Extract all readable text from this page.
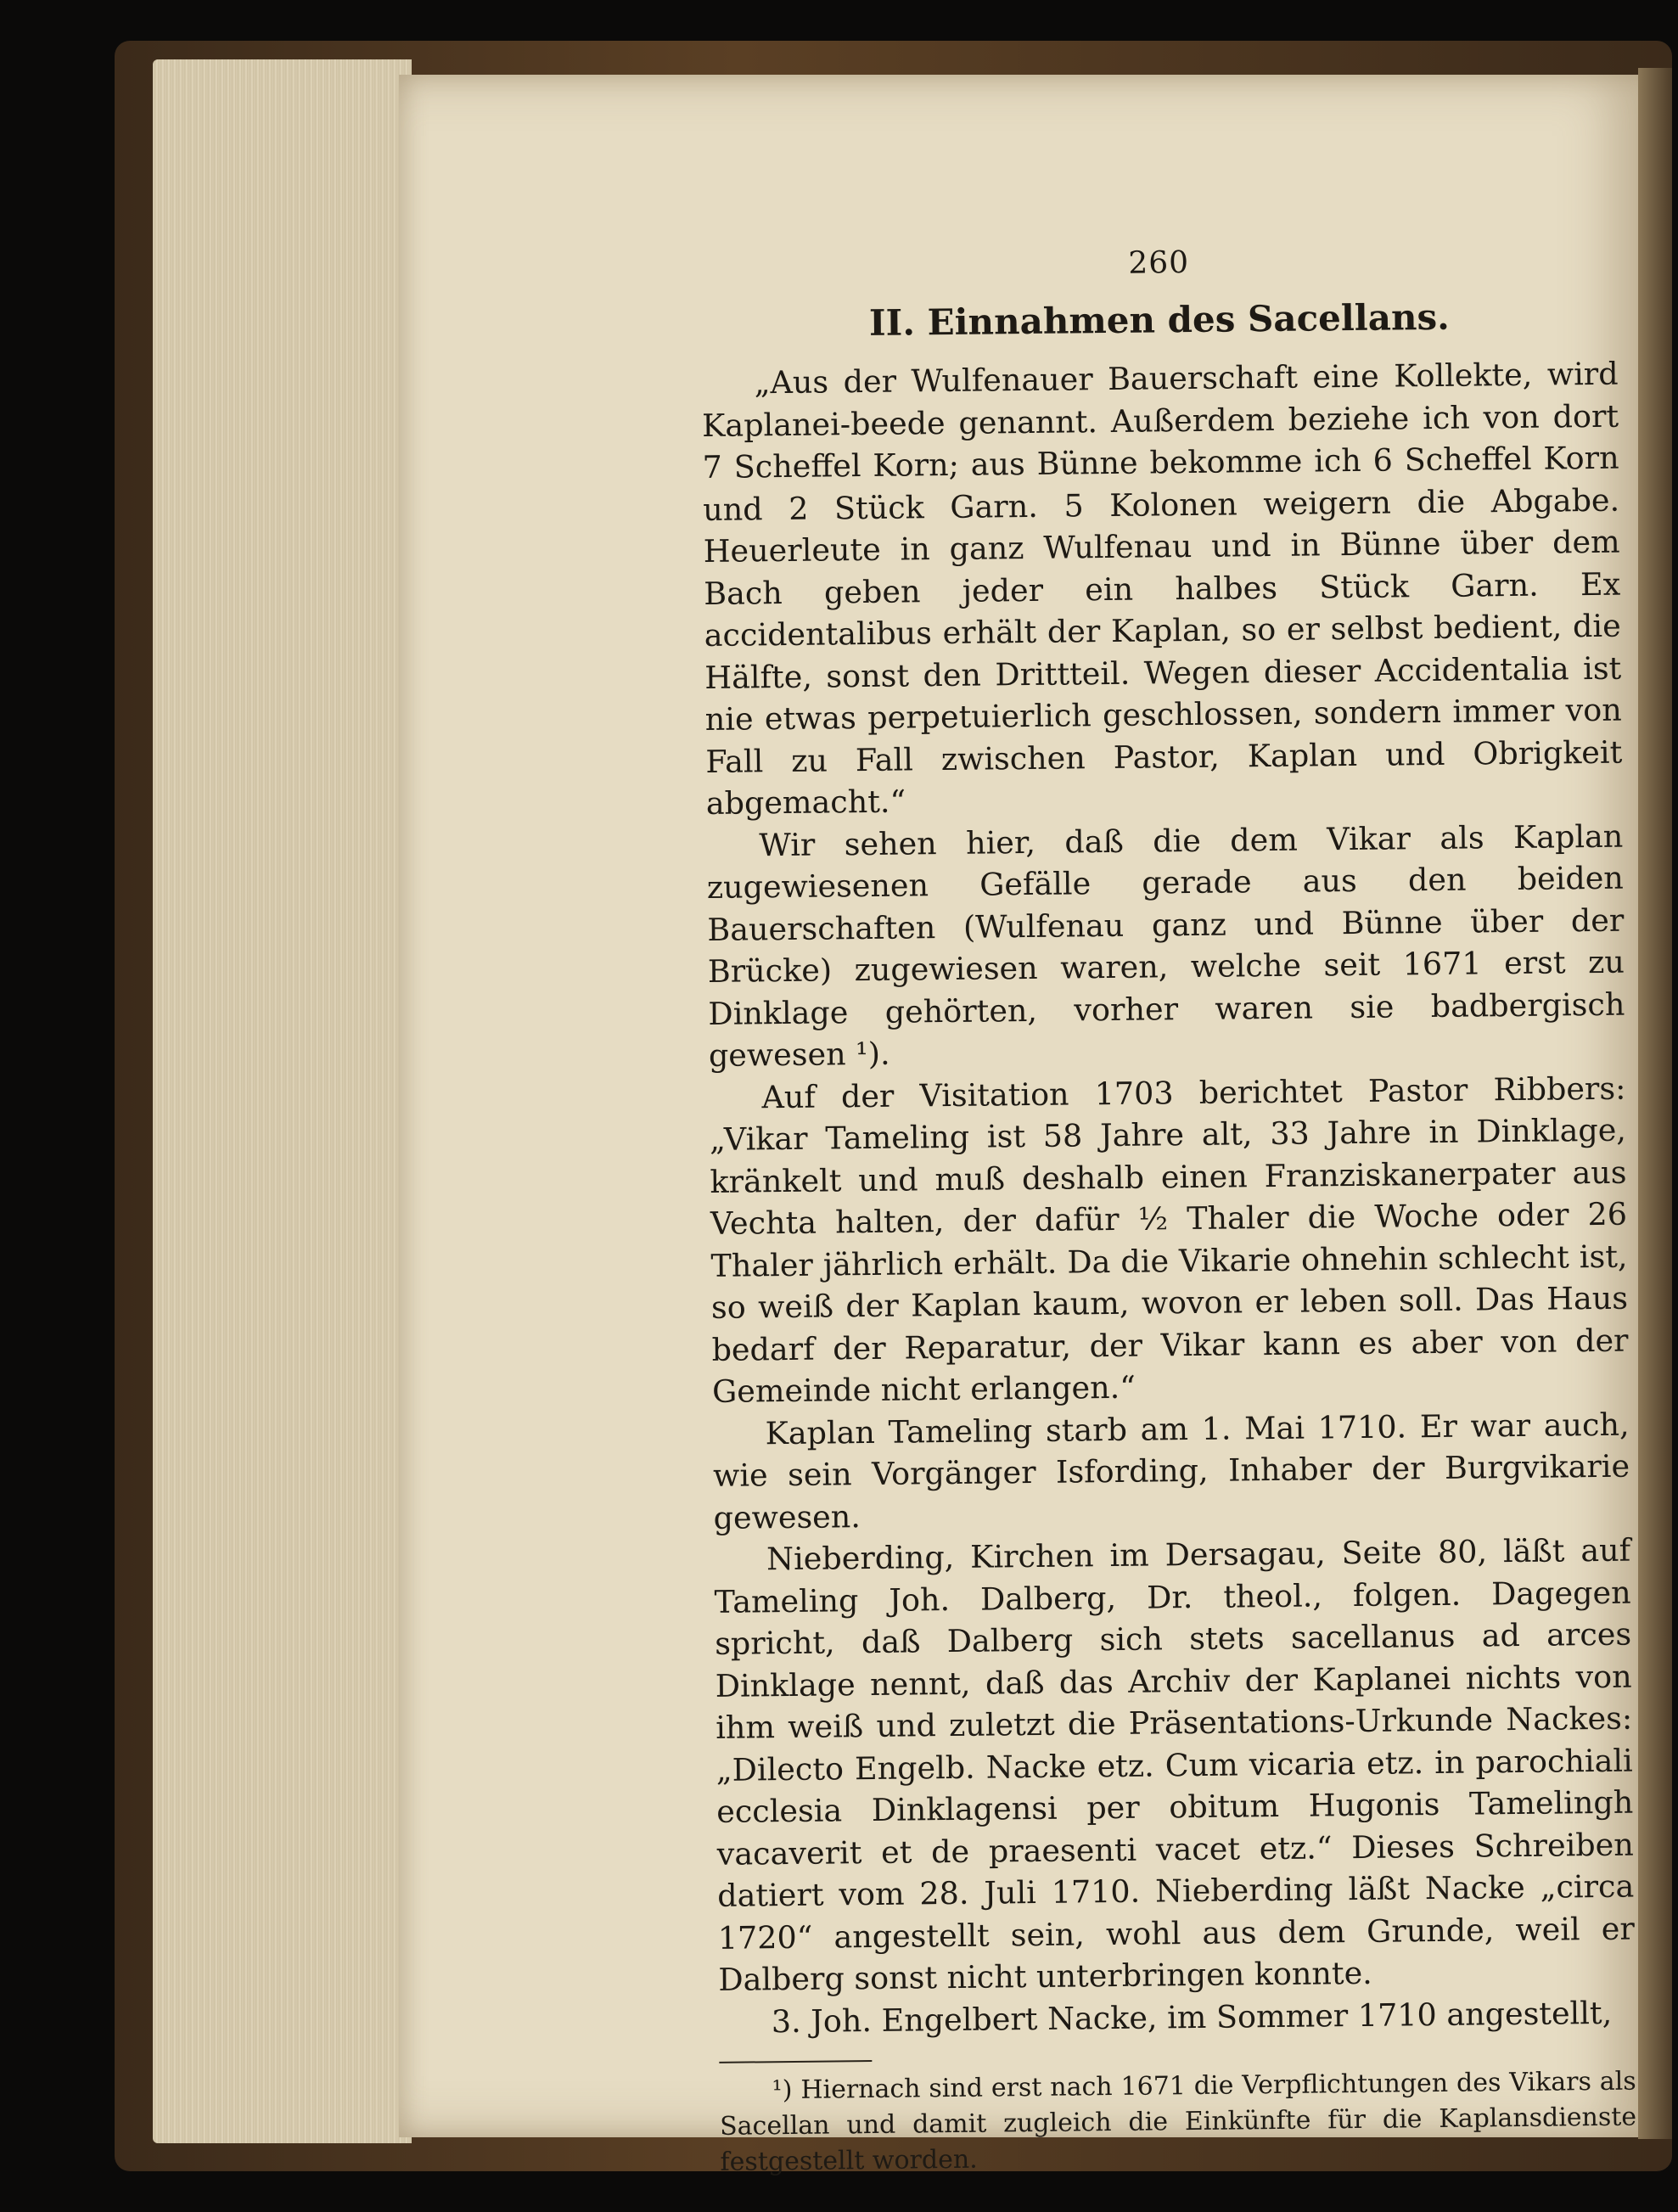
260
II. Einnahmen des Sacellans.

„Aus der Wulfenauer Bauerschaft eine Kollekte, wird Kaplanei-beede genannt. Außerdem beziehe ich von dort 7 Scheffel Korn; aus Bünne bekomme ich 6 Scheffel Korn und 2 Stück Garn. 5 Kolonen weigern die Abgabe. Heuerleute in ganz Wulfenau und in Bünne über dem Bach geben jeder ein halbes Stück Garn. Ex accidentalibus erhält der Kaplan, so er selbst bedient, die Hälfte, sonst den Drittteil. Wegen dieser Accidentalia ist nie etwas perpetuierlich geschlossen, sondern immer von Fall zu Fall zwischen Pastor, Kaplan und Obrigkeit abgemacht.“

Wir sehen hier, daß die dem Vikar als Kaplan zugewiesenen Gefälle gerade aus den beiden Bauerschaften (Wulfenau ganz und Bünne über der Brücke) zugewiesen waren, welche seit 1671 erst zu Dinklage gehörten, vorher waren sie badbergisch gewesen ¹).

Auf der Visitation 1703 berichtet Pastor Ribbers: „Vikar Tameling ist 58 Jahre alt, 33 Jahre in Dinklage, kränkelt und muß deshalb einen Franziskanerpater aus Vechta halten, der dafür ½ Thaler die Woche oder 26 Thaler jährlich erhält. Da die Vikarie ohnehin schlecht ist, so weiß der Kaplan kaum, wovon er leben soll. Das Haus bedarf der Reparatur, der Vikar kann es aber von der Gemeinde nicht erlangen.“

Kaplan Tameling starb am 1. Mai 1710. Er war auch, wie sein Vorgänger Isfording, Inhaber der Burgvikarie gewesen.

Nieberding, Kirchen im Dersagau, Seite 80, läßt auf Tameling Joh. Dalberg, Dr. theol., folgen. Dagegen spricht, daß Dalberg sich stets sacellanus ad arces Dinklage nennt, daß das Archiv der Kaplanei nichts von ihm weiß und zuletzt die Präsentations-Urkunde Nackes: „Dilecto Engelb. Nacke etz. Cum vicaria etz. in parochiali ecclesia Dinklagensi per obitum Hugonis Tamelingh vacaverit et de praesenti vacet etz.“ Dieses Schreiben datiert vom 28. Juli 1710. Nieberding läßt Nacke „circa 1720“ angestellt sein, wohl aus dem Grunde, weil er Dalberg sonst nicht unterbringen konnte.

3. Joh. Engelbert Nacke, im Sommer 1710 angestellt,

¹) Hiernach sind erst nach 1671 die Verpflichtungen des Vikars als Sacellan und damit zugleich die Einkünfte für die Kaplansdienste festgestellt worden.
